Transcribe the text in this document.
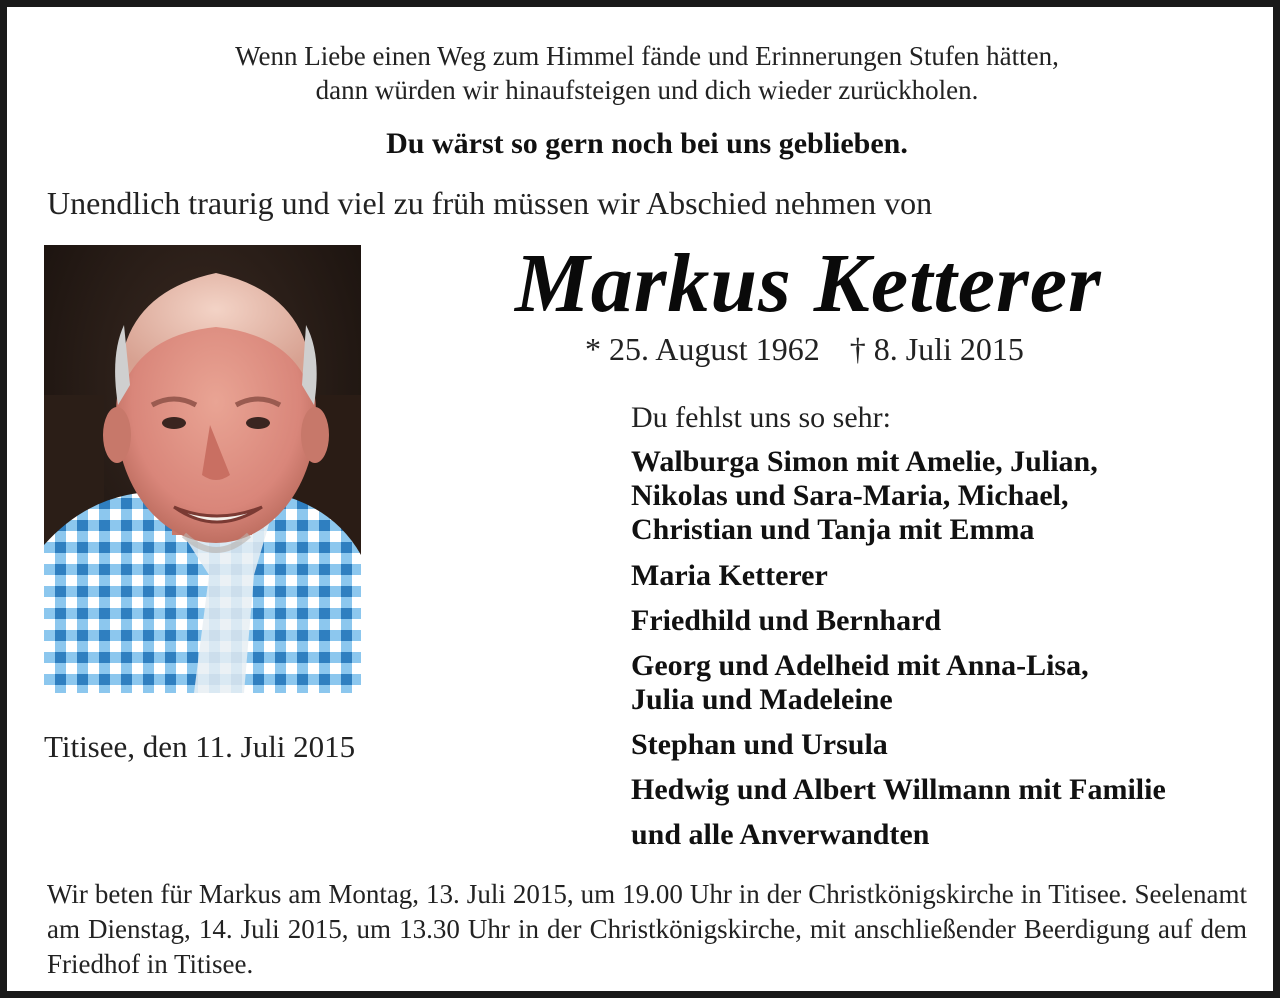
Wenn Liebe einen Weg zum Himmel fände und Erinnerungen Stufen hätten,
dann würden wir hinaufsteigen und dich wieder zurückholen.
Du wärst so gern noch bei uns geblieben.
Unendlich traurig und viel zu früh müssen wir Abschied nehmen von
Markus Ketterer
* 25. August 1962 † 8. Juli 2015
Du fehlst uns so sehr:
Walburga Simon mit Amelie, Julian,
Nikolas und Sara-Maria, Michael,
Christian und Tanja mit Emma
Maria Ketterer
Friedhild und Bernhard
Georg und Adelheid mit Anna-Lisa,
Julia und Madeleine
Stephan und Ursula
Hedwig und Albert Willmann mit Familie
und alle Anverwandten
Titisee, den 11. Juli 2015
Wir beten für Markus am Montag, 13. Juli 2015, um 19.00 Uhr in der Christkönigskirche in Titisee. Seelenamt am Dienstag, 14. Juli 2015, um 13.30 Uhr in der Christkönigskirche, mit anschließender Beerdigung auf dem Friedhof in Titisee.
